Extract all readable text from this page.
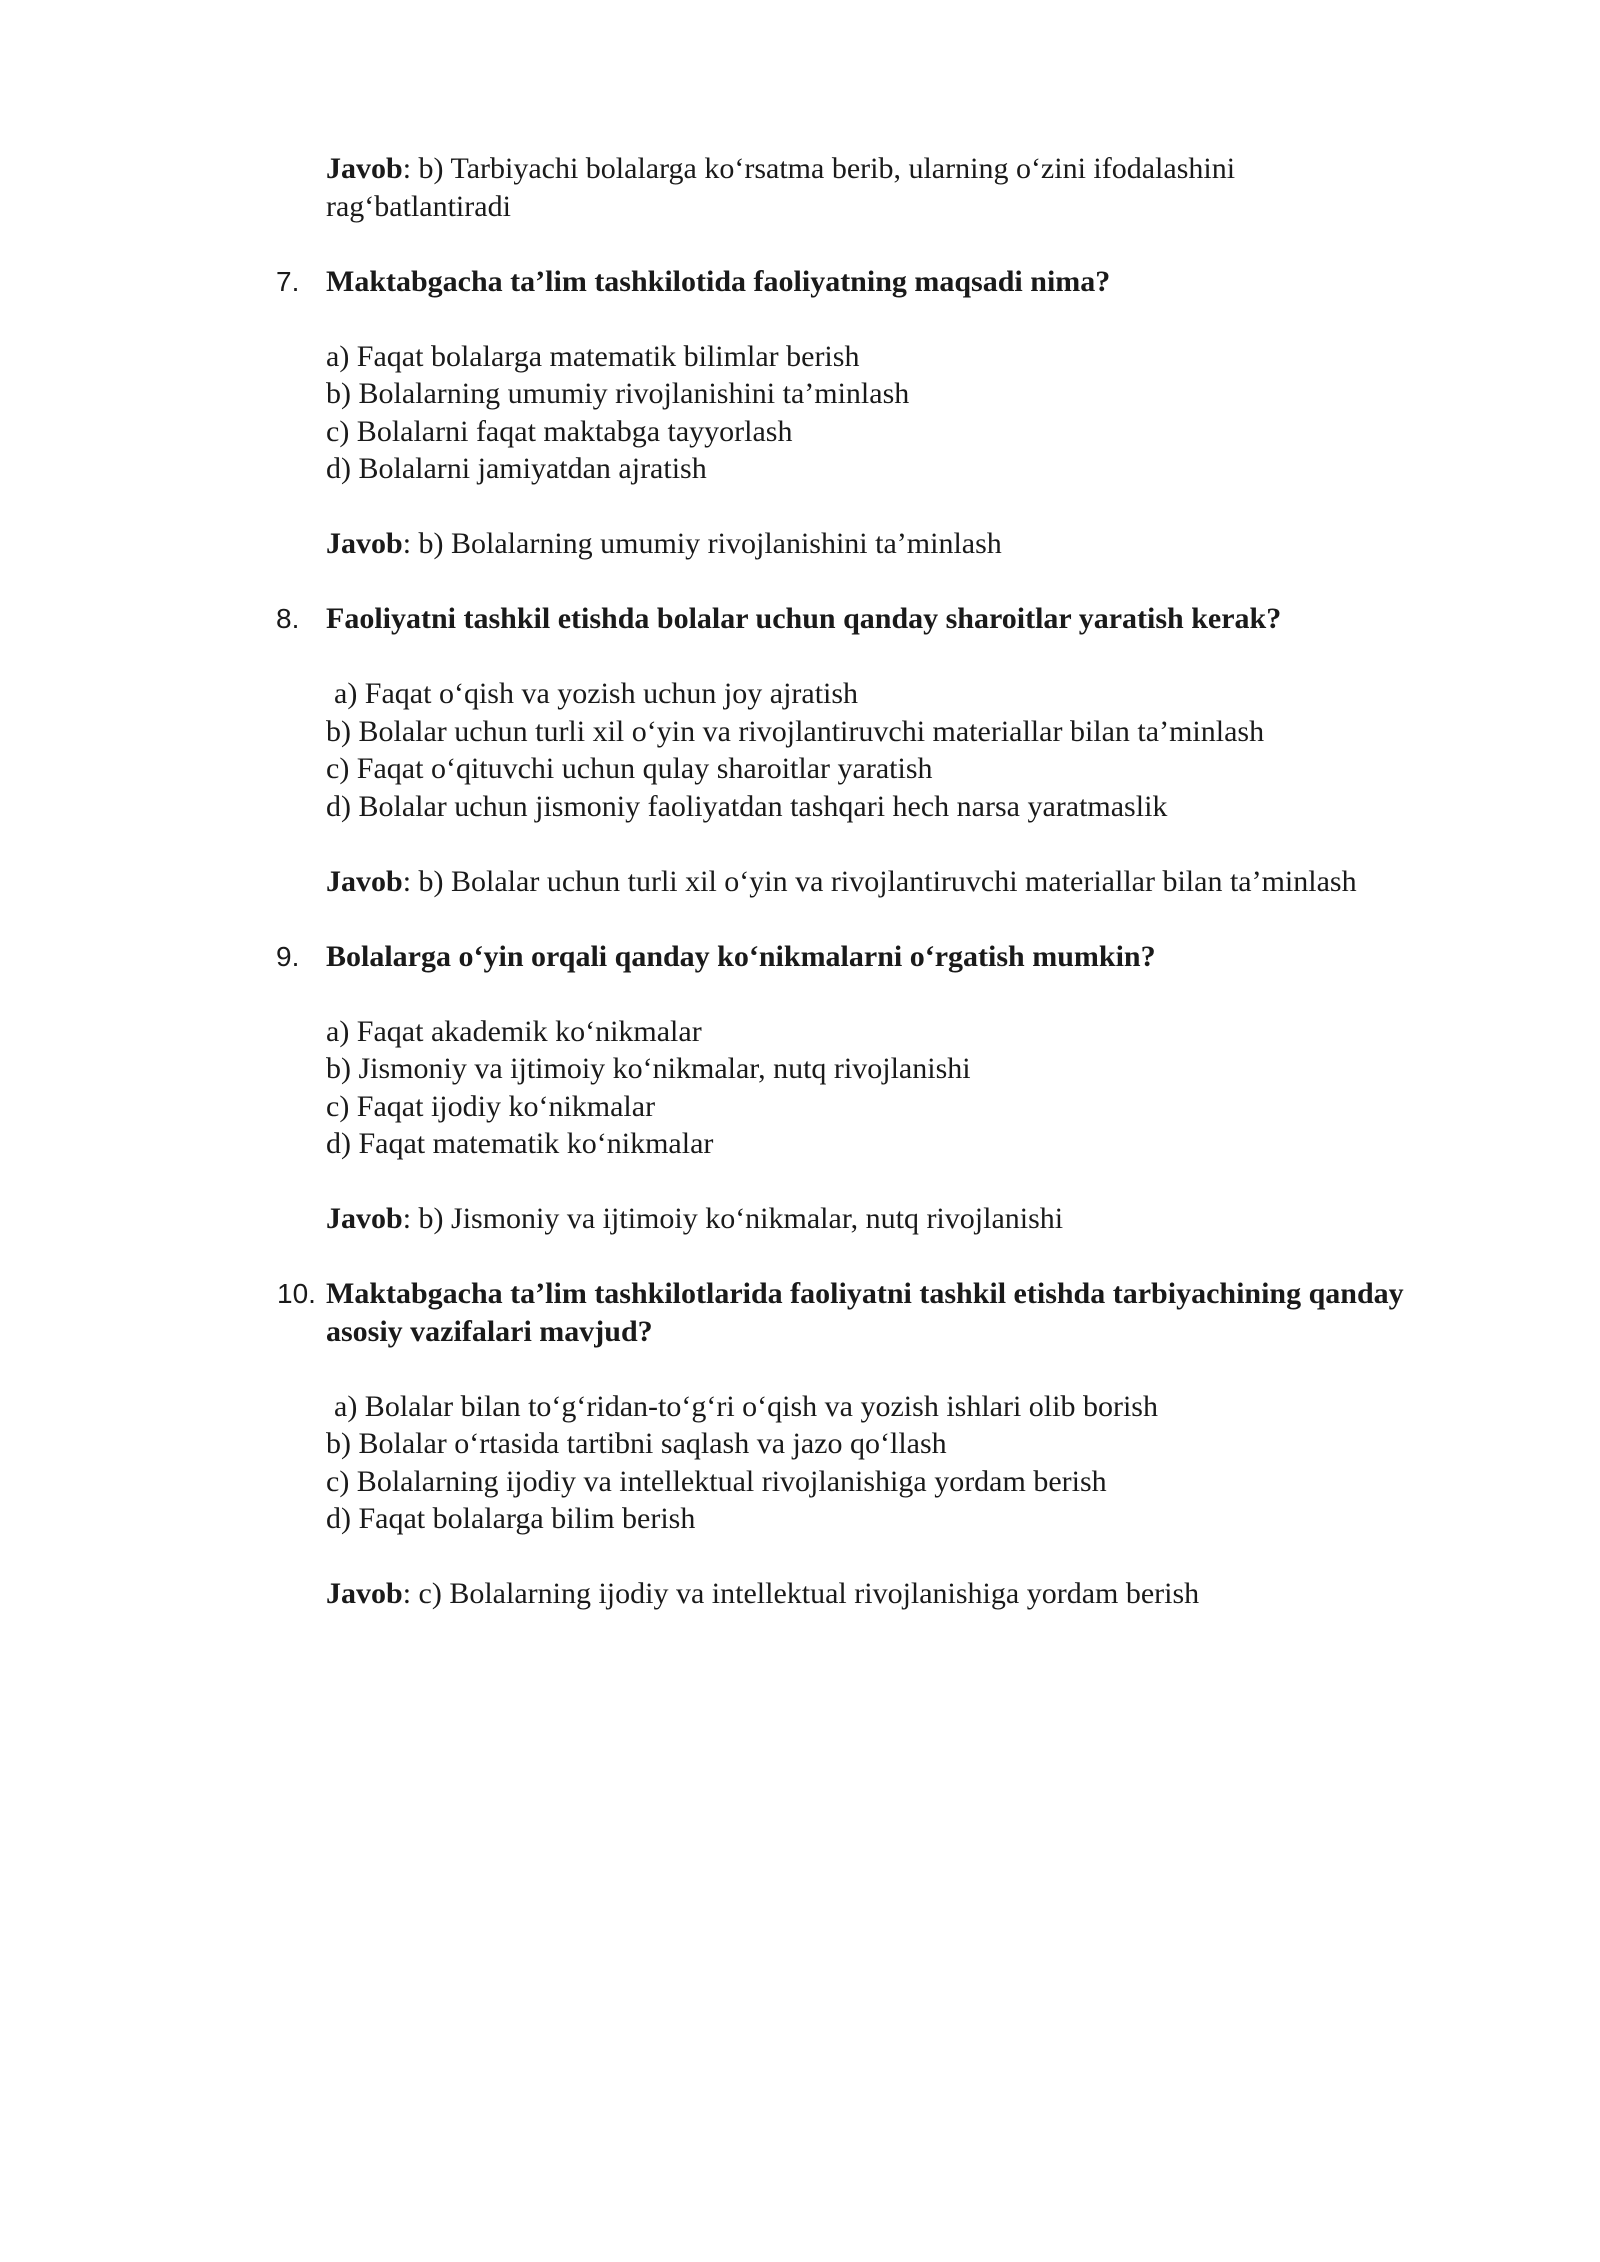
Javob: b) Tarbiyachi bolalarga ko‘rsatma berib, ularning o‘zini ifodalashini
rag‘batlantiradi
7. Maktabgacha ta’lim tashkilotida faoliyatning maqsadi nima?
a) Faqat bolalarga matematik bilimlar berish
b) Bolalarning umumiy rivojlanishini ta’minlash
c) Bolalarni faqat maktabga tayyorlash
d) Bolalarni jamiyatdan ajratish
Javob: b) Bolalarning umumiy rivojlanishini ta’minlash
8. Faoliyatni tashkil etishda bolalar uchun qanday sharoitlar yaratish kerak?
a) Faqat o‘qish va yozish uchun joy ajratish
b) Bolalar uchun turli xil o‘yin va rivojlantiruvchi materiallar bilan ta’minlash
c) Faqat o‘qituvchi uchun qulay sharoitlar yaratish
d) Bolalar uchun jismoniy faoliyatdan tashqari hech narsa yaratmaslik
Javob: b) Bolalar uchun turli xil o‘yin va rivojlantiruvchi materiallar bilan ta’minlash
9. Bolalarga o‘yin orqali qanday ko‘nikmalarni o‘rgatish mumkin?
a) Faqat akademik ko‘nikmalar
b) Jismoniy va ijtimoiy ko‘nikmalar, nutq rivojlanishi
c) Faqat ijodiy ko‘nikmalar
d) Faqat matematik ko‘nikmalar
Javob: b) Jismoniy va ijtimoiy ko‘nikmalar, nutq rivojlanishi
10. Maktabgacha ta’lim tashkilotlarida faoliyatni tashkil etishda tarbiyachining qanday
asosiy vazifalari mavjud?
a) Bolalar bilan to‘g‘ridan-to‘g‘ri o‘qish va yozish ishlari olib borish
b) Bolalar o‘rtasida tartibni saqlash va jazo qo‘llash
c) Bolalarning ijodiy va intellektual rivojlanishiga yordam berish
d) Faqat bolalarga bilim berish
Javob: c) Bolalarning ijodiy va intellektual rivojlanishiga yordam berish
